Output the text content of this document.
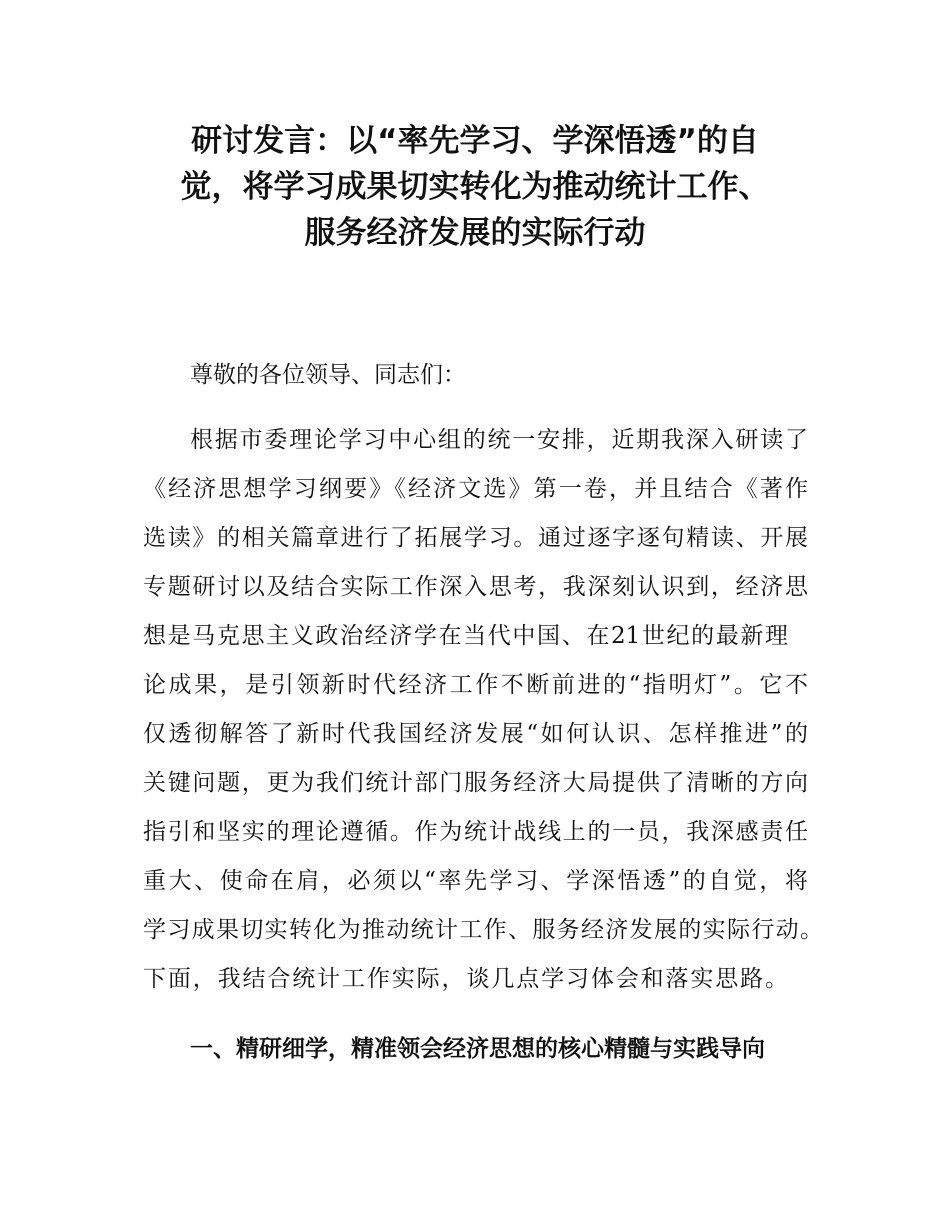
研讨发言：以“率先学习、学深悟透”的自
觉，将学习成果切实转化为推动统计工作、
服务经济发展的实际行动
尊敬的各位领导、同志们：
根据市委理论学习中心组的统一安排，近期我深入研读了
《经济思想学习纲要》《经济文选》第一卷，并且结合《著作
选读》的相关篇章进行了拓展学习。通过逐字逐句精读、开展
专题研讨以及结合实际工作深入思考，我深刻认识到，经济思
想是马克思主义政治经济学在当代中国、在21世纪的最新理
论成果，是引领新时代经济工作不断前进的“指明灯”。它不
仅透彻解答了新时代我国经济发展“如何认识、怎样推进”的
关键问题，更为我们统计部门服务经济大局提供了清晰的方向
指引和坚实的理论遵循。作为统计战线上的一员，我深感责任
重大、使命在肩，必须以“率先学习、学深悟透”的自觉，将
学习成果切实转化为推动统计工作、服务经济发展的实际行动。
下面，我结合统计工作实际，谈几点学习体会和落实思路。
一、精研细学，精准领会经济思想的核心精髓与实践导向
